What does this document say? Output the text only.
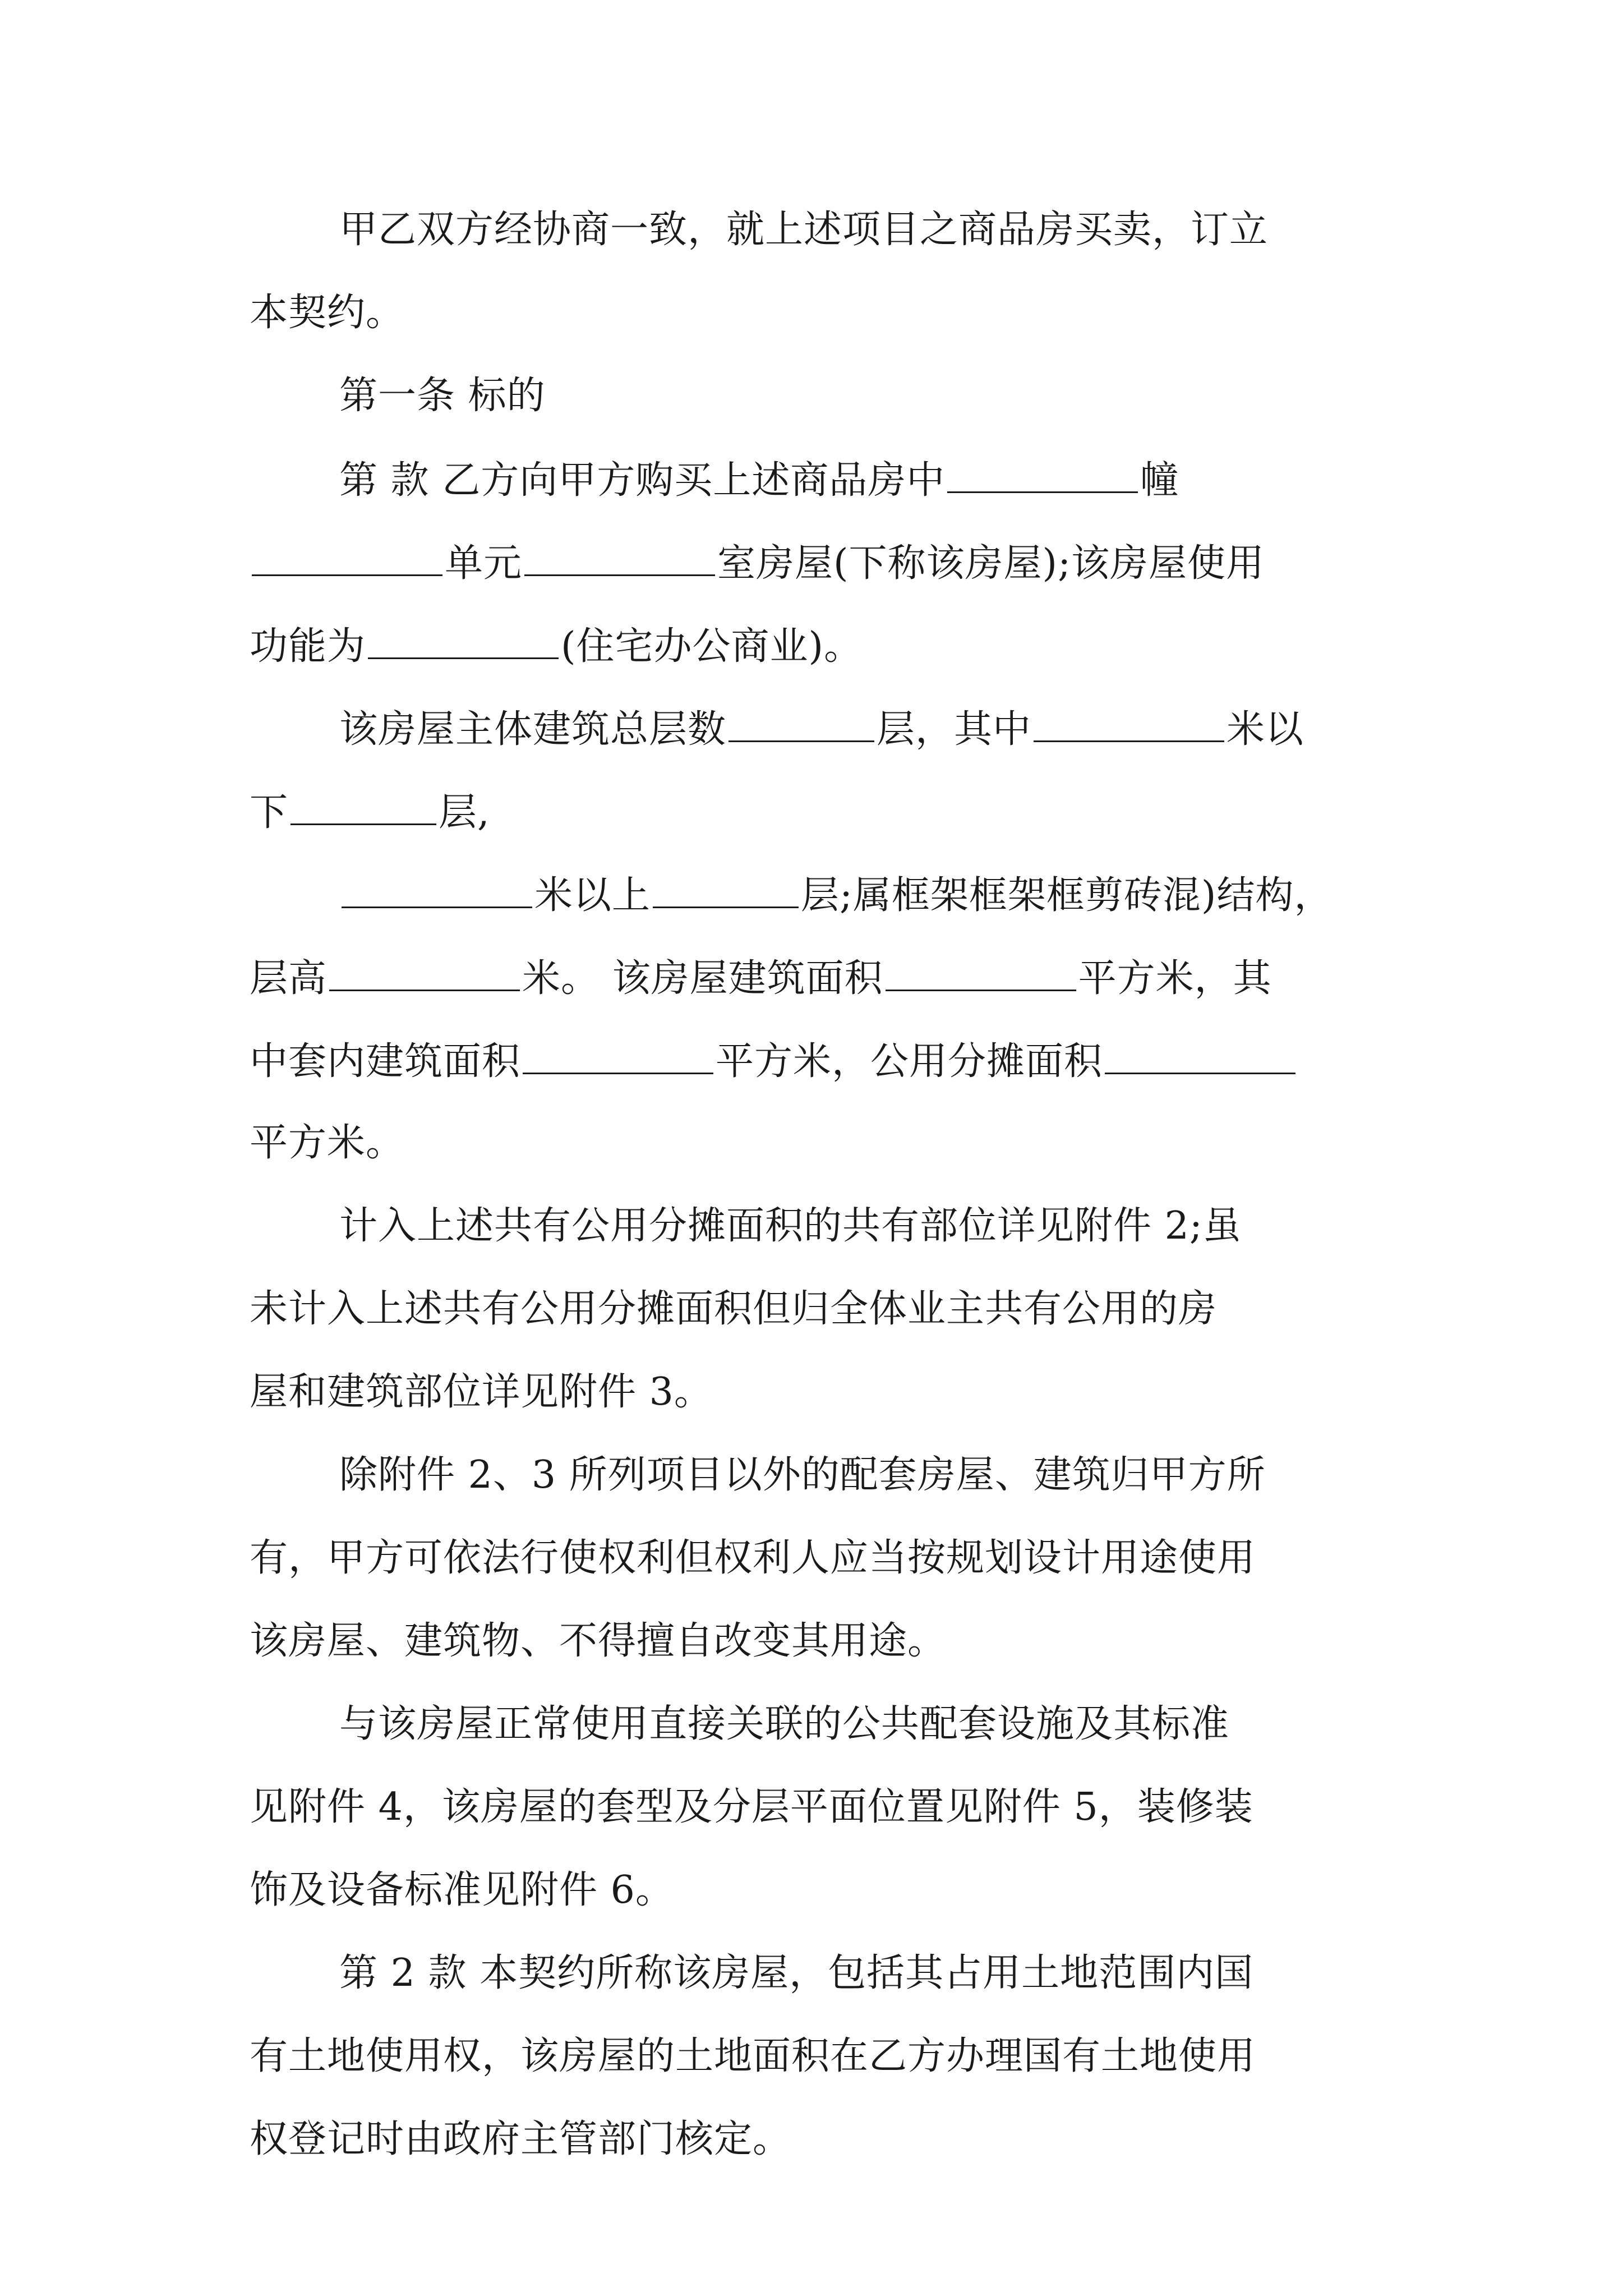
甲乙双方经协商一致，就上述项目之商品房买卖，订立
本契约。
第一条 标的
第 款 乙方向甲方购买上述商品房中	幢
单元	室房屋(下称该房屋);该房屋使用
功能为	(住宅办公商业)。
该房屋主体建筑总层数	层，其中	米以
下	层,
米以上	层;属框架框架框剪砖混)结构，
层高	米。 该房屋建筑面积	平方米，其
中套内建筑面积	平方米，公用分摊面积
平方米。
计入上述共有公用分摊面积的共有部位详见附件 2;虽
未计入上述共有公用分摊面积但归全体业主共有公用的房
屋和建筑部位详见附件 3。
除附件 2、3 所列项目以外的配套房屋、建筑归甲方所
有，甲方可依法行使权利但权利人应当按规划设计用途使用
该房屋、建筑物、不得擅自改变其用途。
与该房屋正常使用直接关联的公共配套设施及其标准
见附件 4，该房屋的套型及分层平面位置见附件 5，装修装
饰及设备标准见附件 6。
第 2 款 本契约所称该房屋，包括其占用土地范围内国
有土地使用权，该房屋的土地面积在乙方办理国有土地使用
权登记时由政府主管部门核定。
